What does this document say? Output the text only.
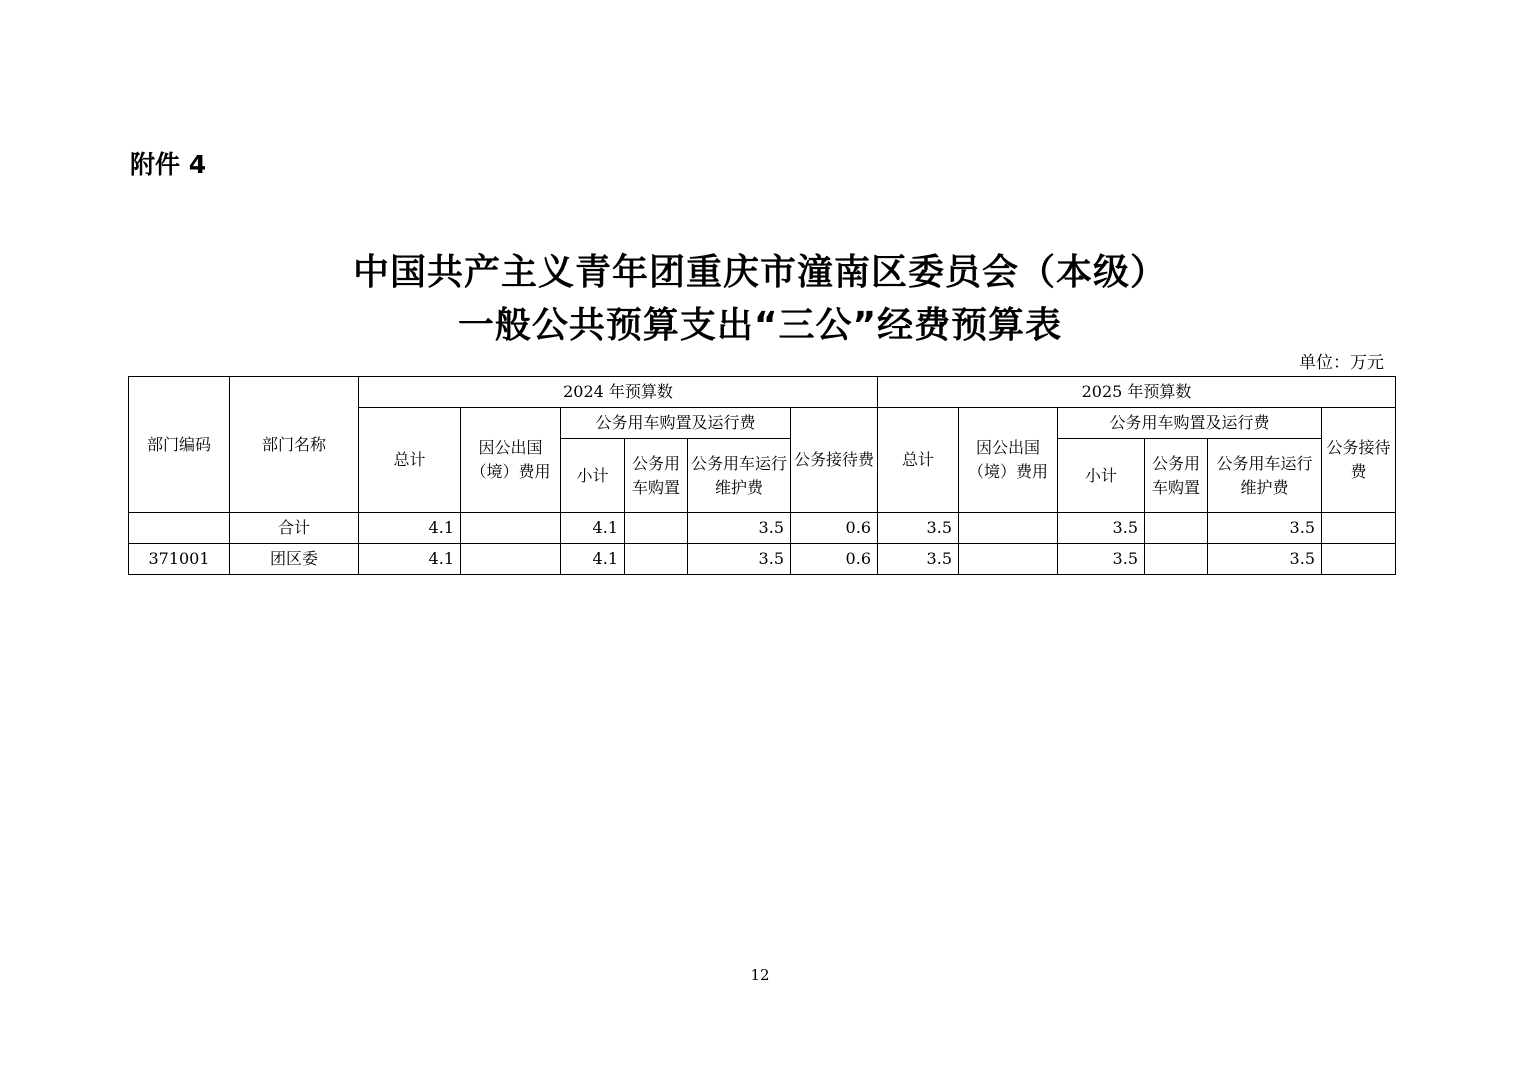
附件 4
中国共产主义青年团重庆市潼南区委员会（本级）
一般公共预算支出“三公”经费预算表
单位：万元
部门编码	部门名称	2024 年预算数						2025 年预算数					
		总计	因公出国（境）费用	公务用车购置及运行费			公务接待费	总计	因公出国（境）费用	公务用车购置及运行费			公务接待费
				小计	公务用车购置	公务用车运行维护费				小计	公务用车购置	公务用车运行维护费	
	合计	4.1		4.1		3.5	0.6	3.5		3.5		3.5	
371001	团区委	4.1		4.1		3.5	0.6	3.5		3.5		3.5	
12
